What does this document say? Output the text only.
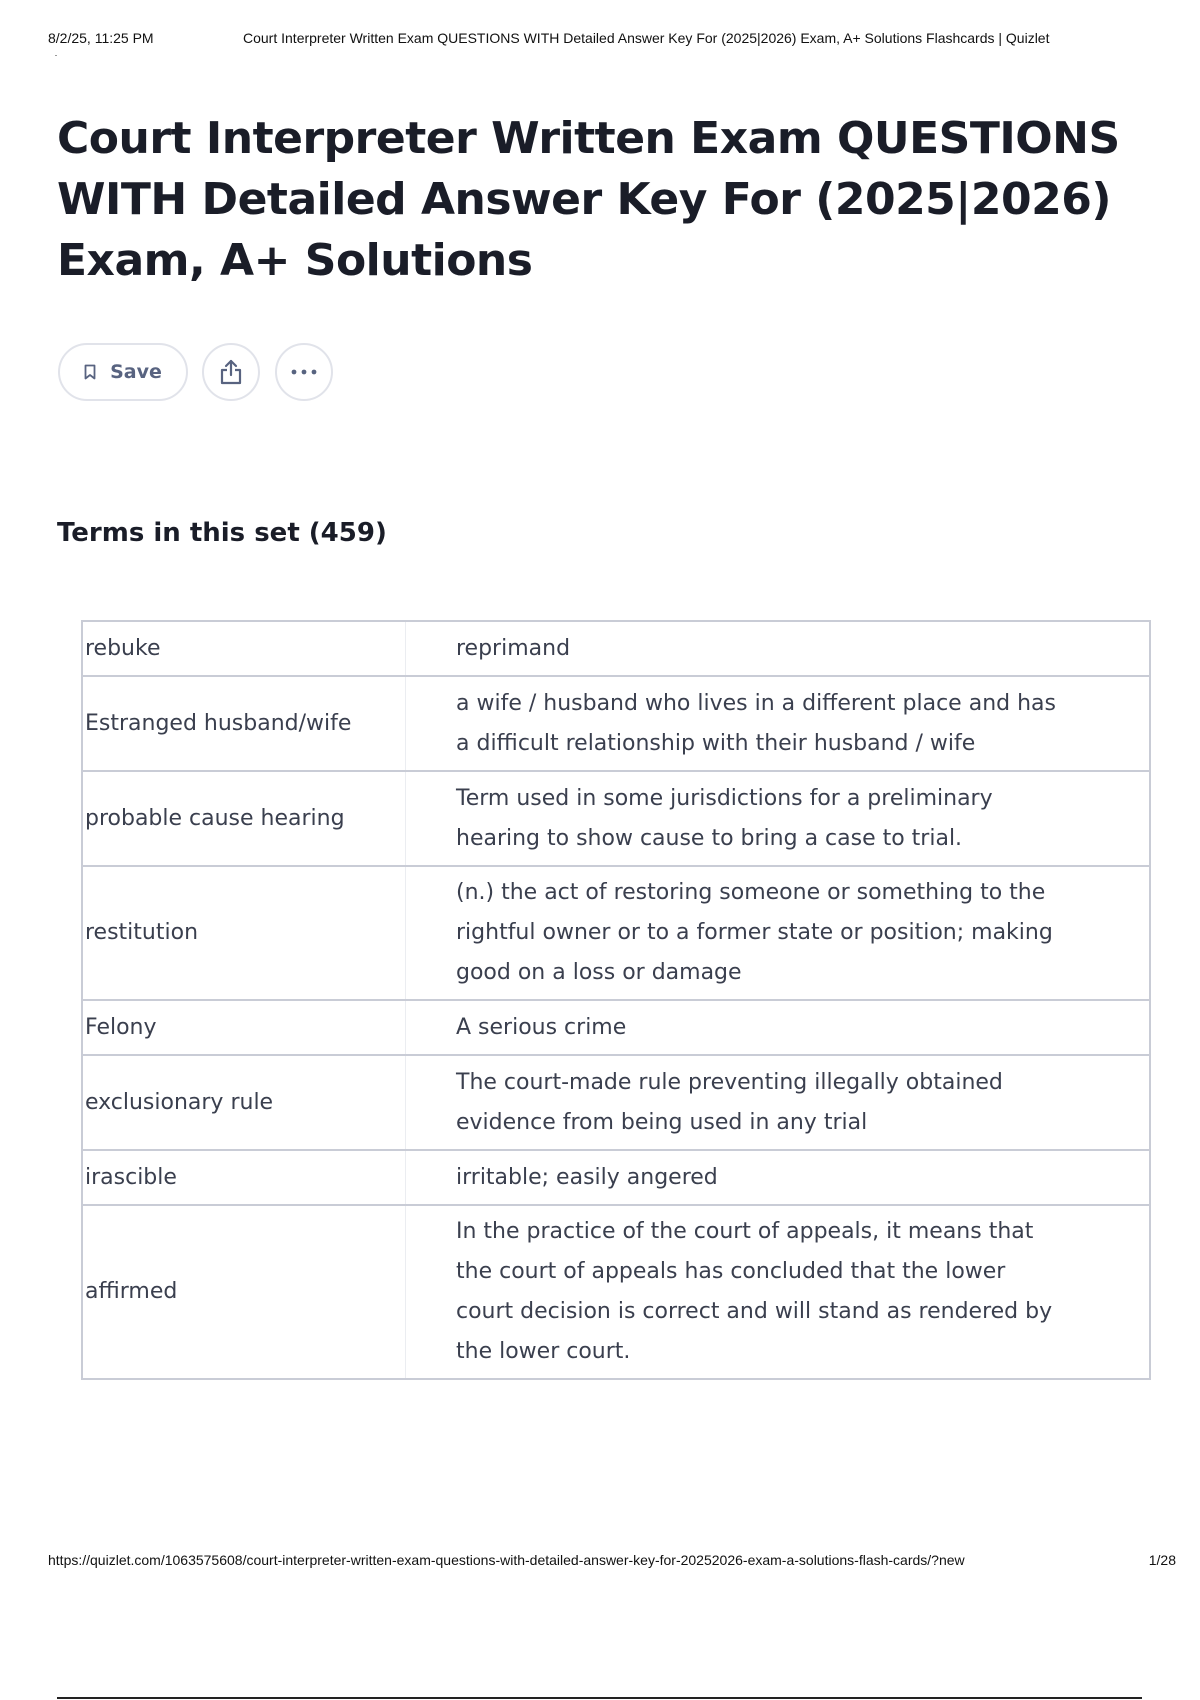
8/2/25, 11:25 PM	Court Interpreter Written Exam QUESTIONS WITH Detailed Answer Key For (2025|2026) Exam, A+ Solutions Flashcards | Quizlet
Court Interpreter Written Exam QUESTIONS WITH Detailed Answer Key For (2025|2026) Exam, A+ Solutions
Save
Terms in this set (459)
rebuke	reprimand
Estranged husband/wife	a wife / husband who lives in a different place and has a difficult relationship with their husband / wife
probable cause hearing	Term used in some jurisdictions for a preliminary hearing to show cause to bring a case to trial.
restitution	(n.) the act of restoring someone or something to the rightful owner or to a former state or position; making good on a loss or damage
Felony	A serious crime
exclusionary rule	The court-made rule preventing illegally obtained evidence from being used in any trial
irascible	irritable; easily angered
affirmed	In the practice of the court of appeals, it means that the court of appeals has concluded that the lower court decision is correct and will stand as rendered by the lower court.
https://quizlet.com/1063575608/court-interpreter-written-exam-questions-with-detailed-answer-key-for-20252026-exam-a-solutions-flash-cards/?new	1/28
